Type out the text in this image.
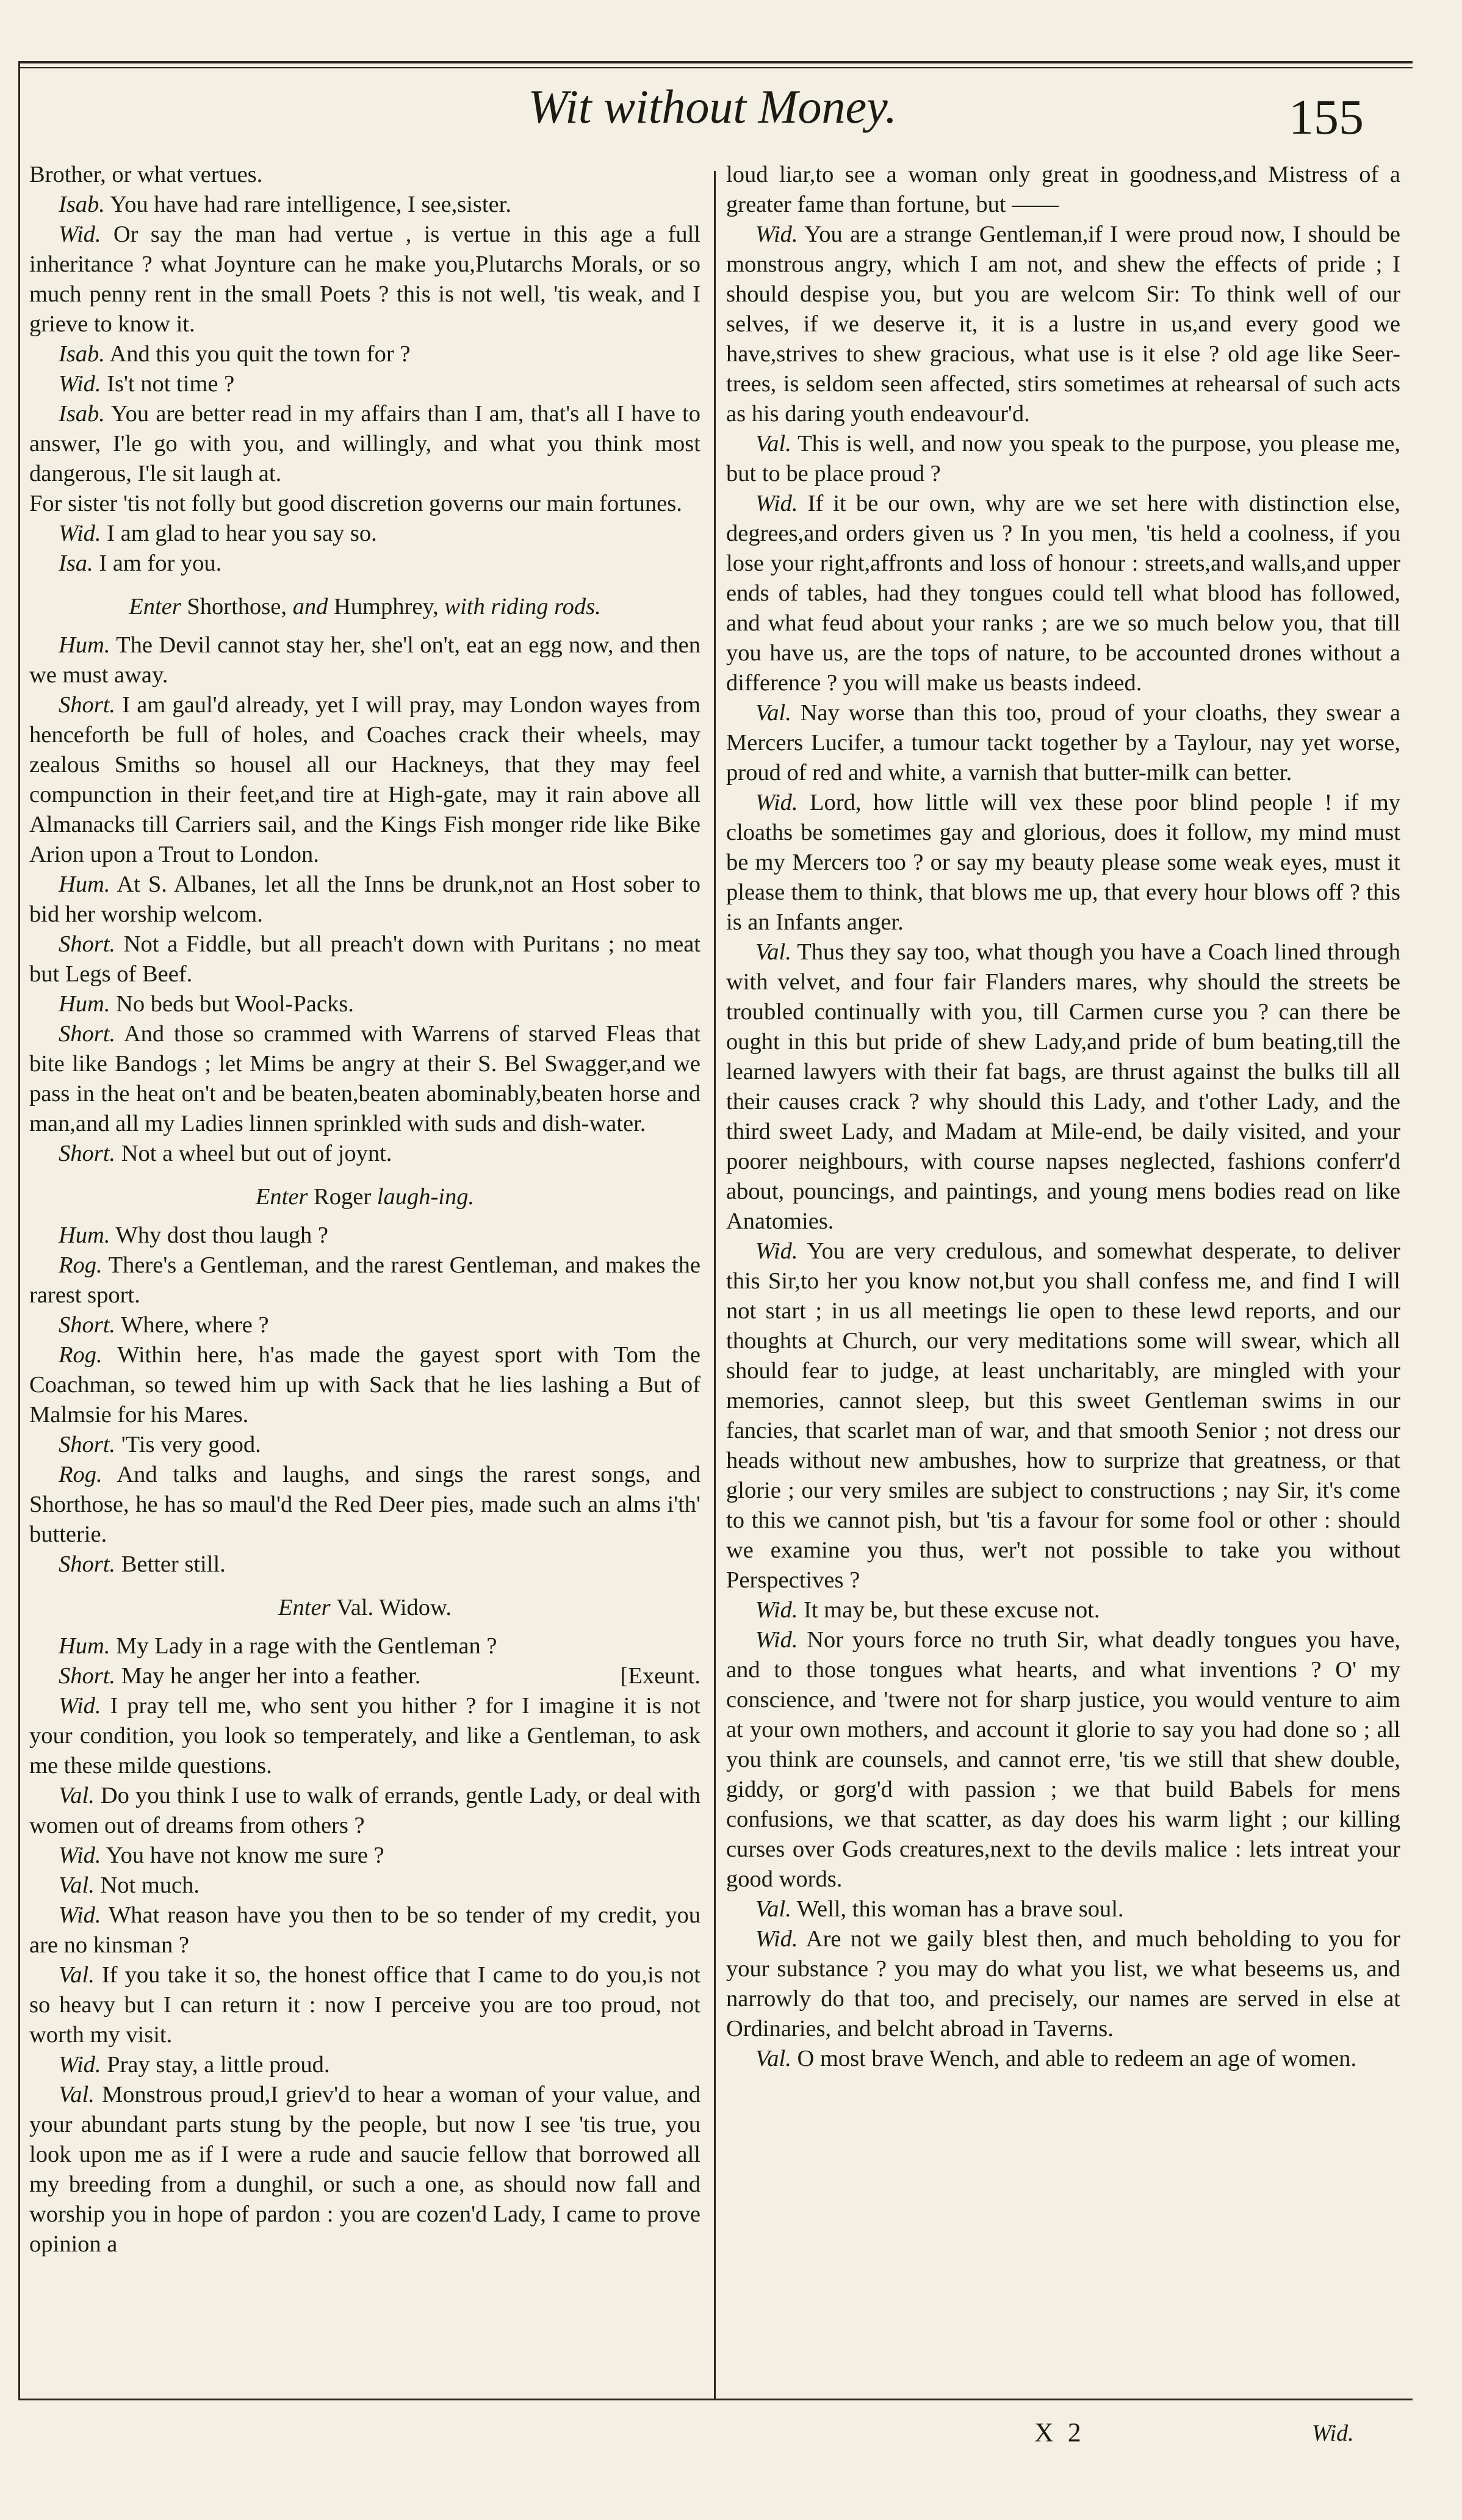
Wit without Money.	155

Brother, or what vertues.

Isab. You have had rare intelligence, I see,sister.

Wid. Or say the man had vertue , is vertue in this age a full inheritance ? what Joynture can he make you,Plutarchs Morals, or so much penny rent in the small Poets ? this is not well, 'tis weak, and I grieve to know it.

Isab. And this you quit the town for ?

Wid. Is't not time ?

Isab. You are better read in my affairs than I am, that's all I have to answer, I'le go with you, and willingly, and what you think most dangerous, I'le sit laugh at.

For sister 'tis not folly but good discretion governs our main fortunes.

Wid. I am glad to hear you say so.

Isa. I am for you.

Enter Shorthose, and Humphrey, with riding rods.

Hum. The Devil cannot stay her, she'l on't, eat an egg now, and then we must away.

Short. I am gaul'd already, yet I will pray, may London wayes from henceforth be full of holes, and Coaches crack their wheels, may zealous Smiths so housel all our Hackneys, that they may feel compunction in their feet,and tire at High-gate, may it rain above all Almanacks till Carriers sail, and the Kings Fish monger ride like Bike Arion upon a Trout to London.

Hum. At S. Albanes, let all the Inns be drunk,not an Host sober to bid her worship welcom.

Short. Not a Fiddle, but all preach't down with Puritans ; no meat but Legs of Beef.

Hum. No beds but Wool-Packs.

Short. And those so crammed with Warrens of starved Fleas that bite like Bandogs ; let Mims be angry at their S. Bel Swagger,and we pass in the heat on't and be beaten,beaten abominably,beaten horse and man,and all my Ladies linnen sprinkled with suds and dish-water.

Short. Not a wheel but out of joynt.

Enter Roger laugh-ing.

Hum. Why dost thou laugh ?

Rog. There's a Gentleman, and the rarest Gentleman, and makes the rarest sport.

Short. Where, where ?

Rog. Within here, h'as made the gayest sport with Tom the Coachman, so tewed him up with Sack that he lies lashing a But of Malmsie for his Mares.

Short. 'Tis very good.

Rog. And talks and laughs, and sings the rarest songs, and Shorthose, he has so maul'd the Red Deer pies, made such an alms i'th' butterie.

Short. Better still.

Enter Val. Widow.

Hum. My Lady in a rage with the Gentleman ?

Short. May he anger her into a feather.	[Exeunt.

Wid. I pray tell me, who sent you hither ? for I imagine it is not your condition, you look so temperately, and like a Gentleman, to ask me these milde questions.

Val. Do you think I use to walk of errands, gentle Lady, or deal with women out of dreams from others ?

Wid. You have not know me sure ?

Val. Not much.

Wid. What reason have you then to be so tender of my credit, you are no kinsman ?

Val. If you take it so, the honest office that I came to do you,is not so heavy but I can return it : now I perceive you are too proud, not worth my visit.

Wid. Pray stay, a little proud.

Val. Monstrous proud,I griev'd to hear a woman of your value, and your abundant parts stung by the people, but now I see 'tis true, you look upon me as if I were a rude and saucie fellow that borrowed all my breeding from a dunghil, or such a one, as should now fall and worship you in hope of pardon : you are cozen'd Lady, I came to prove opinion a

loud liar,to see a woman only great in goodness,and Mistress of a greater fame than fortune, but ——

Wid. You are a strange Gentleman,if I were proud now, I should be monstrous angry, which I am not, and shew the effects of pride ; I should despise you, but you are welcom Sir: To think well of our selves, if we deserve it, it is a lustre in us,and every good we have,strives to shew gracious, what use is it else ? old age like Seer-trees, is seldom seen affected, stirs sometimes at rehearsal of such acts as his daring youth endeavour'd.

Val. This is well, and now you speak to the purpose, you please me, but to be place proud ?

Wid. If it be our own, why are we set here with distinction else, degrees,and orders given us ? In you men, 'tis held a coolness, if you lose your right,affronts and loss of honour : streets,and walls,and upper ends of tables, had they tongues could tell what blood has followed, and what feud about your ranks ; are we so much below you, that till you have us, are the tops of nature, to be accounted drones without a difference ? you will make us beasts indeed.

Val. Nay worse than this too, proud of your cloaths, they swear a Mercers Lucifer, a tumour tackt together by a Taylour, nay yet worse, proud of red and white, a varnish that butter-milk can better.

Wid. Lord, how little will vex these poor blind people ! if my cloaths be sometimes gay and glorious, does it follow, my mind must be my Mercers too ? or say my beauty please some weak eyes, must it please them to think, that blows me up, that every hour blows off ? this is an Infants anger.

Val. Thus they say too, what though you have a Coach lined through with velvet, and four fair Flanders mares, why should the streets be troubled continually with you, till Carmen curse you ? can there be ought in this but pride of shew Lady,and pride of bum beating,till the learned lawyers with their fat bags, are thrust against the bulks till all their causes crack ? why should this Lady, and t'other Lady, and the third sweet Lady, and Madam at Mile-end, be daily visited, and your poorer neighbours, with course napses neglected, fashions conferr'd about, pouncings, and paintings, and young mens bodies read on like Anatomies.

Wid. You are very credulous, and somewhat desperate, to deliver this Sir,to her you know not,but you shall confess me, and find I will not start ; in us all meetings lie open to these lewd reports, and our thoughts at Church, our very meditations some will swear, which all should fear to judge, at least uncharitably, are mingled with your memories, cannot sleep, but this sweet Gentleman swims in our fancies, that scarlet man of war, and that smooth Senior ; not dress our heads without new ambushes, how to surprize that greatness, or that glorie ; our very smiles are subject to constructions ; nay Sir, it's come to this we cannot pish, but 'tis a favour for some fool or other : should we examine you thus, wer't not possible to take you without Perspectives ?

Wid. It may be, but these excuse not.

Wid. Nor yours force no truth Sir, what deadly tongues you have, and to those tongues what hearts, and what inventions ? O' my conscience, and 'twere not for sharp justice, you would venture to aim at your own mothers, and account it glorie to say you had done so ; all you think are counsels, and cannot erre, 'tis we still that shew double, giddy, or gorg'd with passion ; we that build Babels for mens confusions, we that scatter, as day does his warm light ; our killing curses over Gods creatures,next to the devils malice : lets intreat your good words.

Val. Well, this woman has a brave soul.

Wid. Are not we gaily blest then, and much beholding to you for your substance ? you may do what you list, we what beseems us, and narrowly do that too, and precisely, our names are served in else at Ordinaries, and belcht abroad in Taverns.

Val. O most brave Wench, and able to redeem an age of women.

X 2	Wid.
